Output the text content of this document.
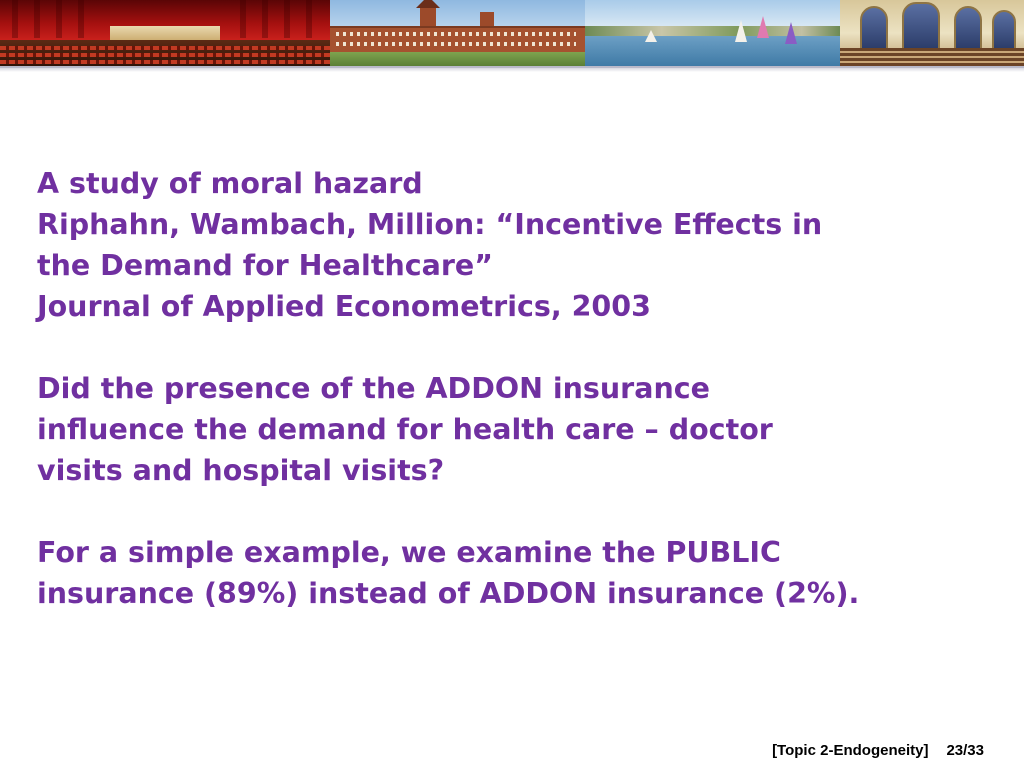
A study of moral hazard
Riphahn, Wambach, Million: “Incentive Effects in
the Demand for Healthcare”
Journal of Applied Econometrics, 2003
Did the presence of the ADDON insurance
influence the demand for health care – doctor
visits and hospital visits?
For a simple example, we examine the PUBLIC
insurance (89%) instead of ADDON insurance (2%).
[Topic 2-Endogeneity] 23/33
